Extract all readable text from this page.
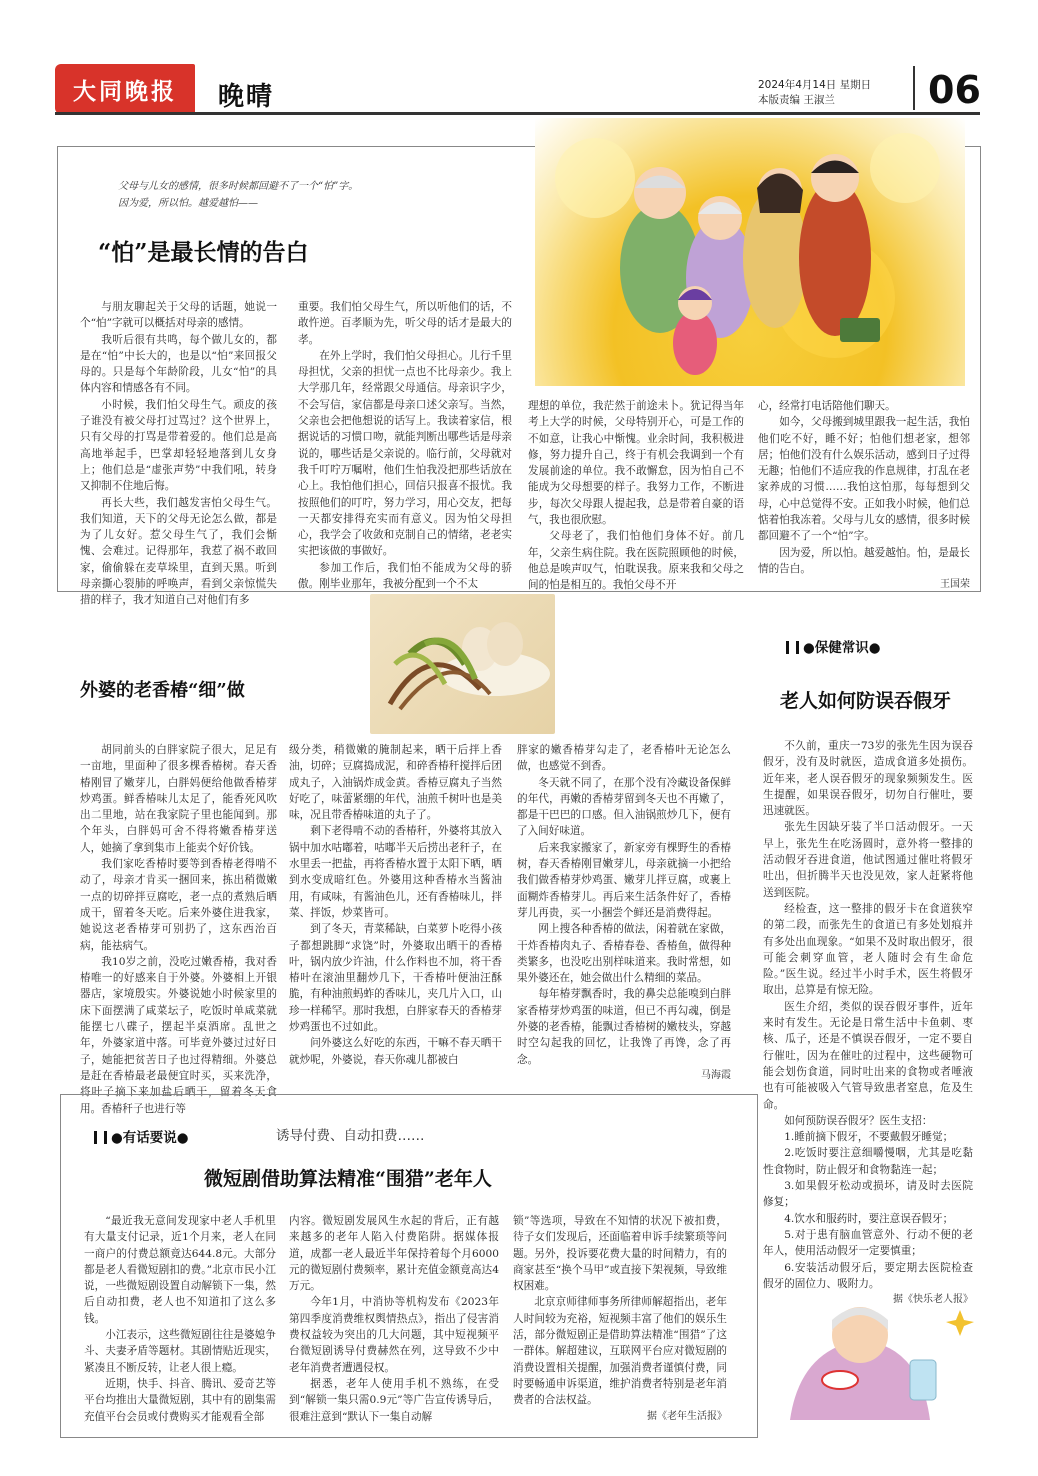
大同晚报 晚晴	2024年4月14日 星期日
本版责编 王淑兰	06
父母与儿女的感情，很多时候都回避不了一个“怕”字。
因为爱，所以怕。越爱越怕——
“怕”是最长情的告白

与朋友聊起关于父母的话题，她说一个“怕”字就可以概括对母亲的感情。

我听后很有共鸣，每个做儿女的，都是在“怕”中长大的，也是以“怕”来回报父母的。只是每个年龄阶段，儿女“怕”的具体内容和情感各有不同。

小时候，我们怕父母生气。顽皮的孩子谁没有被父母打过骂过？这个世界上，只有父母的打骂是带着爱的。他们总是高高地举起手，巴掌却轻轻地落到儿女身上；他们总是“虚张声势”中我们吼，转身又抑制不住地后悔。

再长大些，我们越发害怕父母生气。我们知道，天下的父母无论怎么做，都是为了儿女好。惹父母生气了，我们会惭愧、会难过。记得那年，我惹了祸不敢回家，偷偷躲在麦草垛里，直到天黑。听到母亲撕心裂肺的呼唤声，看到父亲惊慌失措的样子，我才知道自己对他们有多

重要。我们怕父母生气，所以听他们的话，不敢忤逆。百孝顺为先，听父母的话才是最大的孝。

在外上学时，我们怕父母担心。儿行千里母担忧，父亲的担忧一点也不比母亲少。我上大学那几年，经常跟父母通信。母亲识字少，不会写信，家信都是母亲口述父亲写。当然，父亲也会把他想说的话写上。我读着家信，根据说话的习惯口吻，就能判断出哪些话是母亲说的，哪些话是父亲说的。临行前，父母就对我千叮咛万嘱咐，他们生怕我没把那些话放在心上。我怕他们担心，回信只报喜不报忧。我按照他们的叮咛，努力学习，用心交友，把每一天都安排得充实而有意义。因为怕父母担心，我学会了收敛和克制自己的情绪，老老实实把该做的事做好。

参加工作后，我们怕不能成为父母的骄傲。刚毕业那年，我被分配到一个不太

理想的单位，我茫然于前途未卜。犹记得当年考上大学的时候，父母特别开心，可是工作的不如意，让我心中惭愧。业余时间，我积极进修，努力提升自己，终于有机会我调到一个有发展前途的单位。我不敢懈怠，因为怕自己不能成为父母想要的样子。我努力工作，不断进步，每次父母跟人提起我，总是带着自豪的语气，我也很欣慰。

父母老了，我们怕他们身体不好。前几年，父亲生病住院。我在医院照顾他的时候，他总是唉声叹气，怕耽误我。原来我和父母之间的怕是相互的。我怕父母不开

心，经常打电话陪他们聊天。

如今，父母搬到城里跟我一起生活，我怕他们吃不好，睡不好；怕他们想老家，想邻居；怕他们没有什么娱乐活动，感到日子过得无趣；怕他们不适应我的作息规律，打乱在老家养成的习惯……我怕这怕那，每每想到父母，心中总觉得不安。正如我小时候，他们总惦着怕我冻着。父母与儿女的感情，很多时候都回避不了一个“怕”字。

因为爱，所以怕。越爱越怕。怕，是最长情的告白。

王国荣
外婆的老香椿“细”做

胡同前头的白胖家院子很大，足足有一亩地，里面种了很多棵香椿树。春天香椿刚冒了嫩芽儿，白胖妈便给他做香椿芽炒鸡蛋。鲜香椿味儿太足了，能香死风吹出二里地，站在我家院子里也能闻到。那个年头，白胖妈可舍不得将嫩香椿芽送人，她摘了拿到集市上能卖个好价钱。

我们家吃香椿时要等到香椿老得啃不动了，母亲才肯买一捆回来，拣出稍微嫩一点的切碎拌豆腐吃，老一点的煮熟后晒成干，留着冬天吃。后来外婆住进我家，她说这老香椿芽可别扔了，这东西治百病，能祛病气。

我10岁之前，没吃过嫩香椿，我对香椿唯一的好感来自于外婆。外婆相上开银器店，家境殷实。外婆说她小时候家里的床下面摆满了咸菜坛子，吃饭时单咸菜就能摆七八碟子，摆起半桌酒席。乱世之年，外婆家道中落。可毕竟外婆过过好日子，她能把贫苦日子也过得精细。外婆总是赶在香椿最老最便宜时买，买来洗净，将叶子摘下来加盐后晒干，留着冬天食用。香椿秆子也进行等

级分类，稍微嫩的腌制起来，晒干后拌上香油，切碎；豆腐捣成泥，和碎香椿秆搅拌后团成丸子，入油锅炸成金黄。香椿豆腐丸子当然好吃了，味蕾紧绷的年代，油煎千树叶也是美味，况且带香椿味道的丸子了。

剩下老得啃不动的香椿秆，外婆将其放入锅中加水咕嘟着，咕嘟半天后捞出老秆子，在水里丢一把盐，再将香椿水置于太阳下晒，晒到水变成暗红色。外婆用这种香椿水当酱油用，有咸味，有酱油色儿，还有香椿味儿，拌菜、拌饭，炒菜皆可。

到了冬天，青菜稀缺，白菜萝卜吃得小孩子都想跳脚“求饶”时，外婆取出晒干的香椿叶，锅内放少许油，什么作料也不加，将干香椿叶在滚油里翻炒几下，干香椿叶便油汪酥脆，有种油煎蚂蚱的香味儿，夹几片入口，山珍一样稀罕。那时我想，白胖家春天的香椿芽炒鸡蛋也不过如此。

问外婆这么好吃的东西，干嘛不春天晒干就炒呢，外婆说，春天你魂儿都被白

胖家的嫩香椿芽勾走了，老香椿叶无论怎么做，也感觉不到香。

冬天就不同了，在那个没有冷藏设备保鲜的年代，再嫩的香椿芽留到冬天也不再嫩了，都是干巴巴的口感。但入油锅煎炒几下，便有了入间好味道。

后来我家搬家了，新家旁有棵野生的香椿树，春天香椿刚冒嫩芽儿，母亲就摘一小把给我们做香椿芽炒鸡蛋、嫩芽儿拌豆腐，或裹上面糊炸香椿芽儿。再后来生活条件好了，香椿芽儿再贵，买一小捆尝个鲜还是消费得起。

网上搜各种香椿的做法，闲着就在家做，干炸香椿肉丸子、香椿春卷、香椿鱼，做得种类繁多，也没吃出别样味道来。我时常想，如果外婆还在，她会做出什么精细的菜品。

每年椿芽飘香时，我的鼻尖总能嗅到白胖家香椿芽炒鸡蛋的味道，但已不再勾魂，倒是外婆的老香椿，能飘过香椿树的嫩枝头，穿越时空勾起我的回忆，让我馋了再馋，念了再念。

马海霞
●保健常识●
老人如何防误吞假牙

不久前，重庆一73岁的张先生因为误吞假牙，没有及时就医，造成食道多处损伤。近年来，老人误吞假牙的现象频频发生。医生提醒，如果误吞假牙，切勿自行催吐，要迅速就医。

张先生因缺牙装了半口活动假牙。一天早上，张先生在吃汤圆时，意外将一整排的活动假牙吞进食道，他试图通过催吐将假牙吐出，但折腾半天也没见效，家人赶紧将他送到医院。

经检查，这一整排的假牙卡在食道狭窄的第二段，而张先生的食道已有多处划痕并有多处出血现象。“如果不及时取出假牙，很可能会刺穿血管，老人随时会有生命危险。”医生说。经过半小时手术，医生将假牙取出，总算是有惊无险。

医生介绍，类似的误吞假牙事件，近年来时有发生。无论是日常生活中卡鱼刺、枣核、瓜子，还是不慎误吞假牙，一定不要自行催吐，因为在催吐的过程中，这些硬物可能会划伤食道，同时吐出来的食物或者唾液也有可能被吸入气管导致患者窒息，危及生命。

如何预防误吞假牙？医生支招：

1.睡前摘下假牙，不要戴假牙睡觉；

2.吃饭时要注意细嚼慢咽，尤其是吃黏性食物时，防止假牙和食物黏连一起；

3.如果假牙松动或损坏，请及时去医院修复；

4.饮水和服药时，要注意误吞假牙；

5.对于患有脑血管意外、行动不便的老年人，使用活动假牙一定要慎重；

6.安装活动假牙后，要定期去医院检查假牙的固位力、吸附力。

据《快乐老人报》
●有话要说●	诱导付费、自动扣费……
微短剧借助算法精准“围猎”老年人

“最近我无意间发现家中老人手机里有大量支付记录，近1个月来，老人在同一商户的付费总额竟达644.8元。大部分都是老人看微短剧扣的费。”北京市民小江说，一些微短剧设置自动解锁下一集，然后自动扣费，老人也不知道扣了这么多钱。

小江表示，这些微短剧往往是婆媳争斗、夫妻矛盾等题材。其剧情贴近现实，紧凑且不断反转，让老人很上瘾。

近期，快手、抖音、腾讯、爱奇艺等平台均推出大量微短剧，其中有的剧集需充值平台会员或付费购买才能观看全部

内容。微短剧发展风生水起的背后，正有越来越多的老年人陷入付费陷阱。据媒体报道，成都一老人最近半年保持着每个月6000元的微短剧付费频率，累计充值金额竟高达4万元。

今年1月，中消协等机构发布《2023年第四季度消费维权舆情热点》，指出了侵害消费权益较为突出的几大问题，其中短视频平台微短剧诱导付费赫然在列，这导致不少中老年消费者遭遇侵权。

据悉，老年人使用手机不熟练，在受到“解锁一集只需0.9元”等广告宣传诱导后，很难注意到“默认下一集自动解

锁”等选项，导致在不知情的状况下被扣费，待子女们发现后，还面临着申诉手续繁琐等问题。另外，投诉要花费大量的时间精力，有的商家甚至“换个马甲”或直接下架视频，导致维权困难。

北京京师律师事务所律师解超指出，老年人时间较为充裕，短视频丰富了他们的娱乐生活，部分微短剧正是借助算法精准“围猎”了这一群体。解超建议，互联网平台应对微短剧的消费设置相关提醒，加强消费者谨慎付费，同时要畅通申诉渠道，维护消费者特别是老年消费者的合法权益。

据《老年生活报》
